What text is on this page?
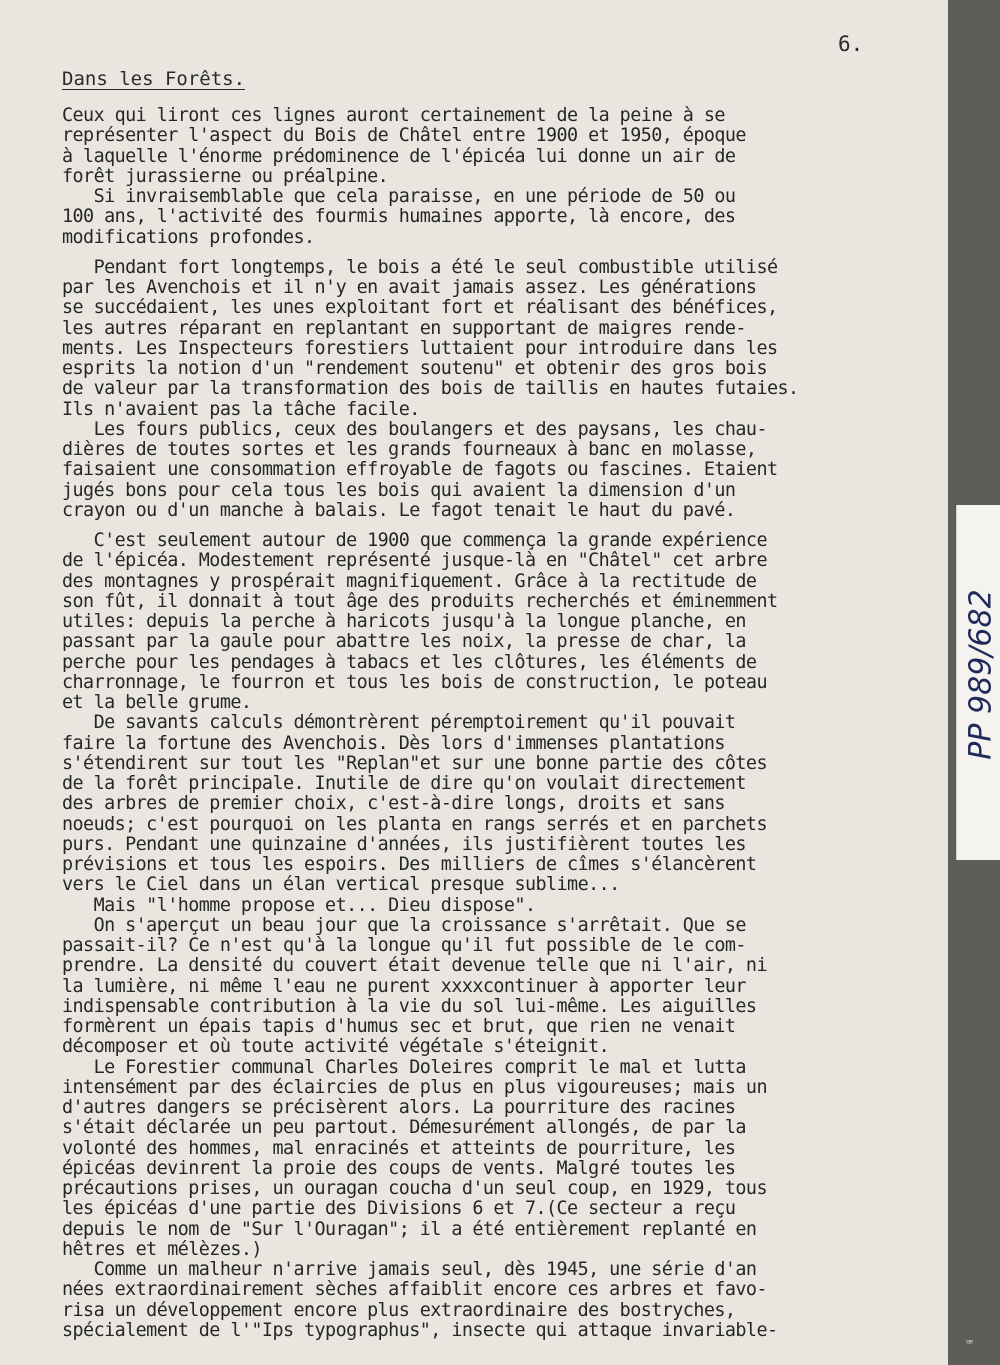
6.
Dans les Forêts.
Ceux qui liront ces lignes auront certainement de la peine à se
représenter l'aspect du Bois de Châtel entre 1900 et 1950, époque
à laquelle l'énorme prédominence de l'épicéa lui donne un air de
forêt jurassierne ou préalpine.
Si invraisemblable que cela paraisse, en une période de 50 ou
100 ans, l'activité des fourmis humaines apporte, là encore, des
modifications profondes.
Pendant fort longtemps, le bois a été le seul combustible utilisé
par les Avenchois et il n'y en avait jamais assez. Les générations
se succédaient, les unes exploitant fort et réalisant des bénéfices,
les autres réparant en replantant en supportant de maigres rende-
ments. Les Inspecteurs forestiers luttaient pour introduire dans les
esprits la notion d'un "rendement soutenu" et obtenir des gros bois
de valeur par la transformation des bois de taillis en hautes futaies.
Ils n'avaient pas la tâche facile.
Les fours publics, ceux des boulangers et des paysans, les chau-
dières de toutes sortes et les grands fourneaux à banc en molasse,
faisaient une consommation effroyable de fagots ou fascines. Etaient
jugés bons pour cela tous les bois qui avaient la dimension d'un
crayon ou d'un manche à balais. Le fagot tenait le haut du pavé.
C'est seulement autour de 1900 que commença la grande expérience
de l'épicéa. Modestement représenté jusque-là en "Châtel" cet arbre
des montagnes y prospérait magnifiquement. Grâce à la rectitude de
son fût, il donnait à tout âge des produits recherchés et éminemment
utiles: depuis la perche à haricots jusqu'à la longue planche, en
passant par la gaule pour abattre les noix, la presse de char, la
perche pour les pendages à tabacs et les clôtures, les éléments de
charronnage, le fourron et tous les bois de construction, le poteau
et la belle grume.
De savants calculs démontrèrent péremptoirement qu'il pouvait
faire la fortune des Avenchois. Dès lors d'immenses plantations
s'étendirent sur tout les "Replan"et sur une bonne partie des côtes
de la forêt principale. Inutile de dire qu'on voulait directement
des arbres de premier choix, c'est-à-dire longs, droits et sans
noeuds; c'est pourquoi on les planta en rangs serrés et en parchets
purs. Pendant une quinzaine d'années, ils justifièrent toutes les
prévisions et tous les espoirs. Des milliers de cîmes s'élancèrent
vers le Ciel dans un élan vertical presque sublime...
Mais "l'homme propose et... Dieu dispose".
On s'aperçut un beau jour que la croissance s'arrêtait. Que se
passait-il? Ce n'est qu'à la longue qu'il fut possible de le com-
prendre. La densité du couvert était devenue telle que ni l'air, ni
la lumière, ni même l'eau ne purent xxxxcontinuer à apporter leur
indispensable contribution à la vie du sol lui-même. Les aiguilles
formèrent un épais tapis d'humus sec et brut, que rien ne venait
décomposer et où toute activité végétale s'éteignit.
Le Forestier communal Charles Doleires comprit le mal et lutta
intensément par des éclaircies de plus en plus vigoureuses; mais un
d'autres dangers se précisèrent alors. La pourriture des racines
s'était déclarée un peu partout. Démesurément allongés, de par la
volonté des hommes, mal enracinés et atteints de pourriture, les
épicéas devinrent la proie des coups de vents. Malgré toutes les
précautions prises, un ouragan coucha d'un seul coup, en 1929, tous
les épicéas d'une partie des Divisions 6 et 7.(Ce secteur a reçu
depuis le nom de "Sur l'Ouragan"; il a été entièrement replanté en
hêtres et mélèzes.)
Comme un malheur n'arrive jamais seul, dès 1945, une série d'an
nées extraordinairement sèches affaiblit encore ces arbres et favo-
risa un développement encore plus extraordinaire des bostryches,
spécialement de l'"Ips typographus", insecte qui attaque invariable-
PP 989/682
ꟹ
